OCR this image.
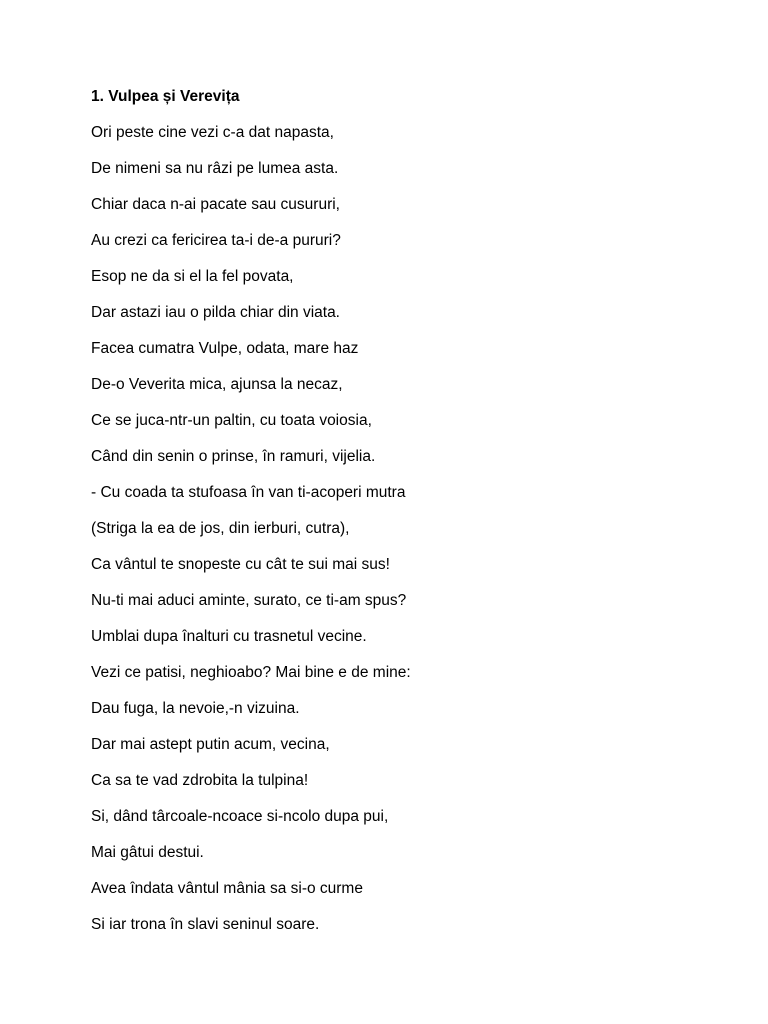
1. Vulpea și Verevița
Ori peste cine vezi c-a dat napasta,
De nimeni sa nu râzi pe lumea asta.
Chiar daca n-ai pacate sau cusururi,
Au crezi ca fericirea ta-i de-a pururi?
Esop ne da si el la fel povata,
Dar astazi iau o pilda chiar din viata.
Facea cumatra Vulpe, odata, mare haz
De-o Veverita mica, ajunsa la necaz,
Ce se juca-ntr-un paltin, cu toata voiosia,
Când din senin o prinse, în ramuri, vijelia.
- Cu coada ta stufoasa în van ti-acoperi mutra
(Striga la ea de jos, din ierburi, cutra),
Ca vântul te snopeste cu cât te sui mai sus!
Nu-ti mai aduci aminte, surato, ce ti-am spus?
Umblai dupa înalturi cu trasnetul vecine.
Vezi ce patisi, neghioabo? Mai bine e de mine:
Dau fuga, la nevoie,-n vizuina.
Dar mai astept putin acum, vecina,
Ca sa te vad zdrobita la tulpina!
Si, dând târcoale-ncoace si-ncolo dupa pui,
Mai gâtui destui.
Avea îndata vântul mânia sa si-o curme
Si iar trona în slavi seninul soare.
